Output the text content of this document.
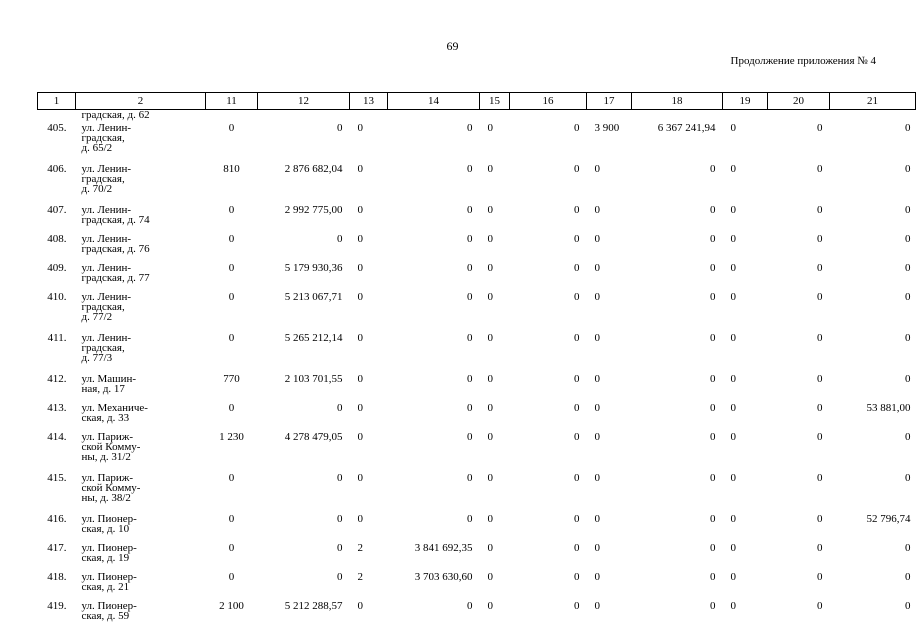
69
Продолжение приложения № 4
1	2	11	12	13	14	15	16	17	18	19	20	21
	градская, д. 62											
405.	ул. Ленин-
градская,
д. 65/2	0	0	0	0	0	0	3 900	6 367 241,94	0	0	0
406.	ул. Ленин-
градская,
д. 70/2	810	2 876 682,04	0	0	0	0	0	0	0	0	0
407.	ул. Ленин-
градская, д. 74	0	2 992 775,00	0	0	0	0	0	0	0	0	0
408.	ул. Ленин-
градская, д. 76	0	0	0	0	0	0	0	0	0	0	0
409.	ул. Ленин-
градская, д. 77	0	5 179 930,36	0	0	0	0	0	0	0	0	0
410.	ул. Ленин-
градская,
д. 77/2	0	5 213 067,71	0	0	0	0	0	0	0	0	0
411.	ул. Ленин-
градская,
д. 77/3	0	5 265 212,14	0	0	0	0	0	0	0	0	0
412.	ул. Машин-
ная, д. 17	770	2 103 701,55	0	0	0	0	0	0	0	0	0
413.	ул. Механиче-
ская, д. 33	0	0	0	0	0	0	0	0	0	0	53 881,00
414.	ул. Париж-
ской Комму-
ны, д. 31/2	1 230	4 278 479,05	0	0	0	0	0	0	0	0	0
415.	ул. Париж-
ской Комму-
ны, д. 38/2	0	0	0	0	0	0	0	0	0	0	0
416.	ул. Пионер-
ская, д. 10	0	0	0	0	0	0	0	0	0	0	52 796,74
417.	ул. Пионер-
ская, д. 19	0	0	2	3 841 692,35	0	0	0	0	0	0	0
418.	ул. Пионер-
ская, д. 21	0	0	2	3 703 630,60	0	0	0	0	0	0	0
419.	ул. Пионер-
ская, д. 59	2 100	5 212 288,57	0	0	0	0	0	0	0	0	0
